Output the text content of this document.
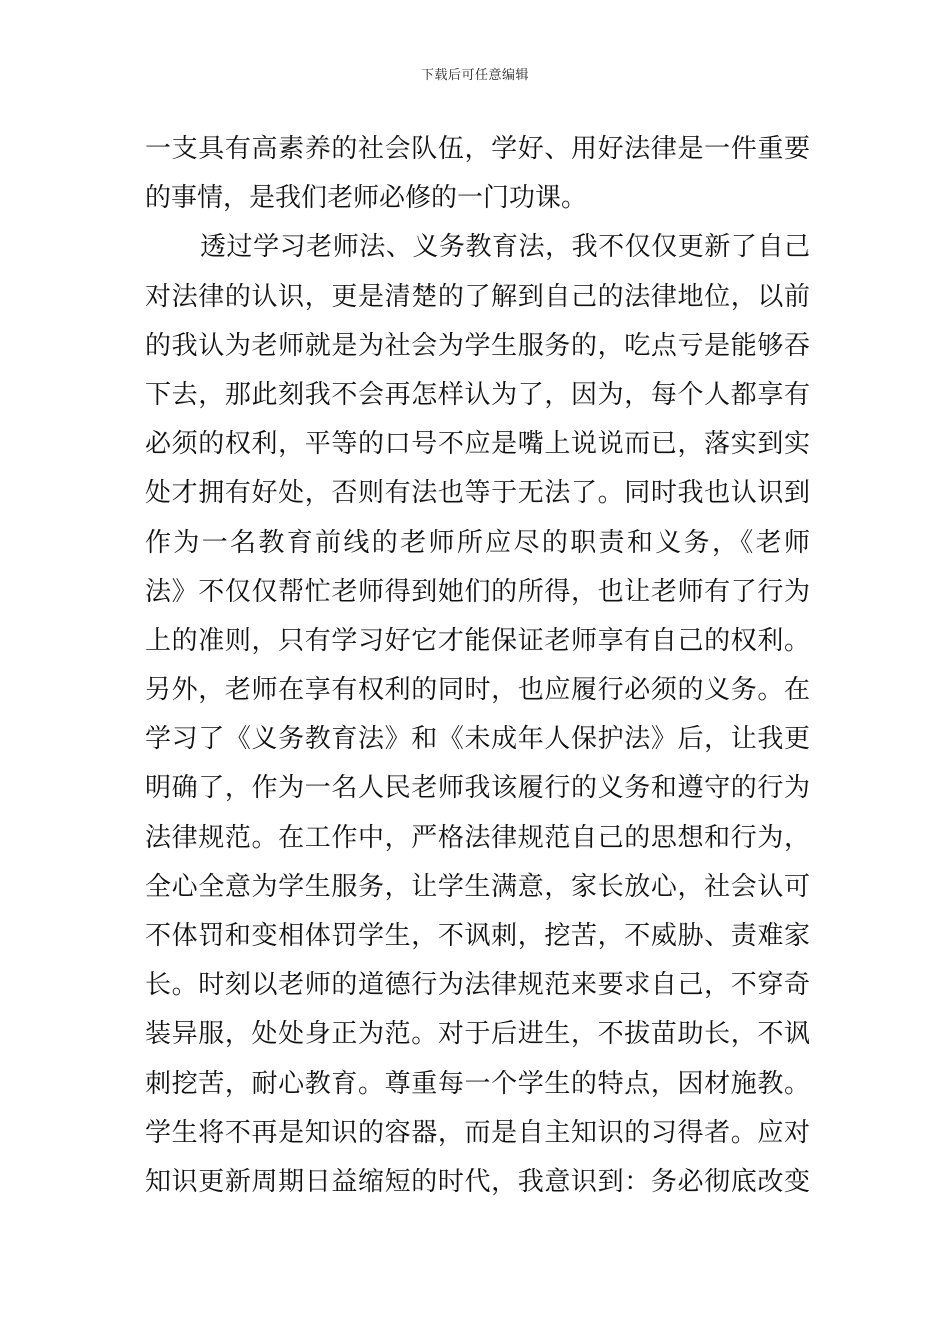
下载后可任意编辑
一支具有高素养的社会队伍，学好、用好法律是一件重要
的事情，是我们老师必修的一门功课。
透过学习老师法、义务教育法，我不仅仅更新了自己
对法律的认识，更是清楚的了解到自己的法律地位，以前
的我认为老师就是为社会为学生服务的，吃点亏是能够吞
下去，那此刻我不会再怎样认为了，因为，每个人都享有
必须的权利，平等的口号不应是嘴上说说而已，落实到实
处才拥有好处，否则有法也等于无法了。同时我也认识到
作为一名教育前线的老师所应尽的职责和义务，《老师
法》不仅仅帮忙老师得到她们的所得，也让老师有了行为
上的准则，只有学习好它才能保证老师享有自己的权利。
另外，老师在享有权利的同时，也应履行必须的义务。在
学习了《义务教育法》和《未成年人保护法》后，让我更
明确了，作为一名人民老师我该履行的义务和遵守的行为
法律规范。在工作中，严格法律规范自己的思想和行为，
全心全意为学生服务，让学生满意，家长放心，社会认可
不体罚和变相体罚学生，不讽刺，挖苦，不威胁、责难家
长。时刻以老师的道德行为法律规范来要求自己，不穿奇
装异服，处处身正为范。对于后进生，不拔苗助长，不讽
刺挖苦，耐心教育。尊重每一个学生的特点，因材施教。
学生将不再是知识的容器，而是自主知识的习得者。应对
知识更新周期日益缩短的时代，我意识到：务必彻底改变
